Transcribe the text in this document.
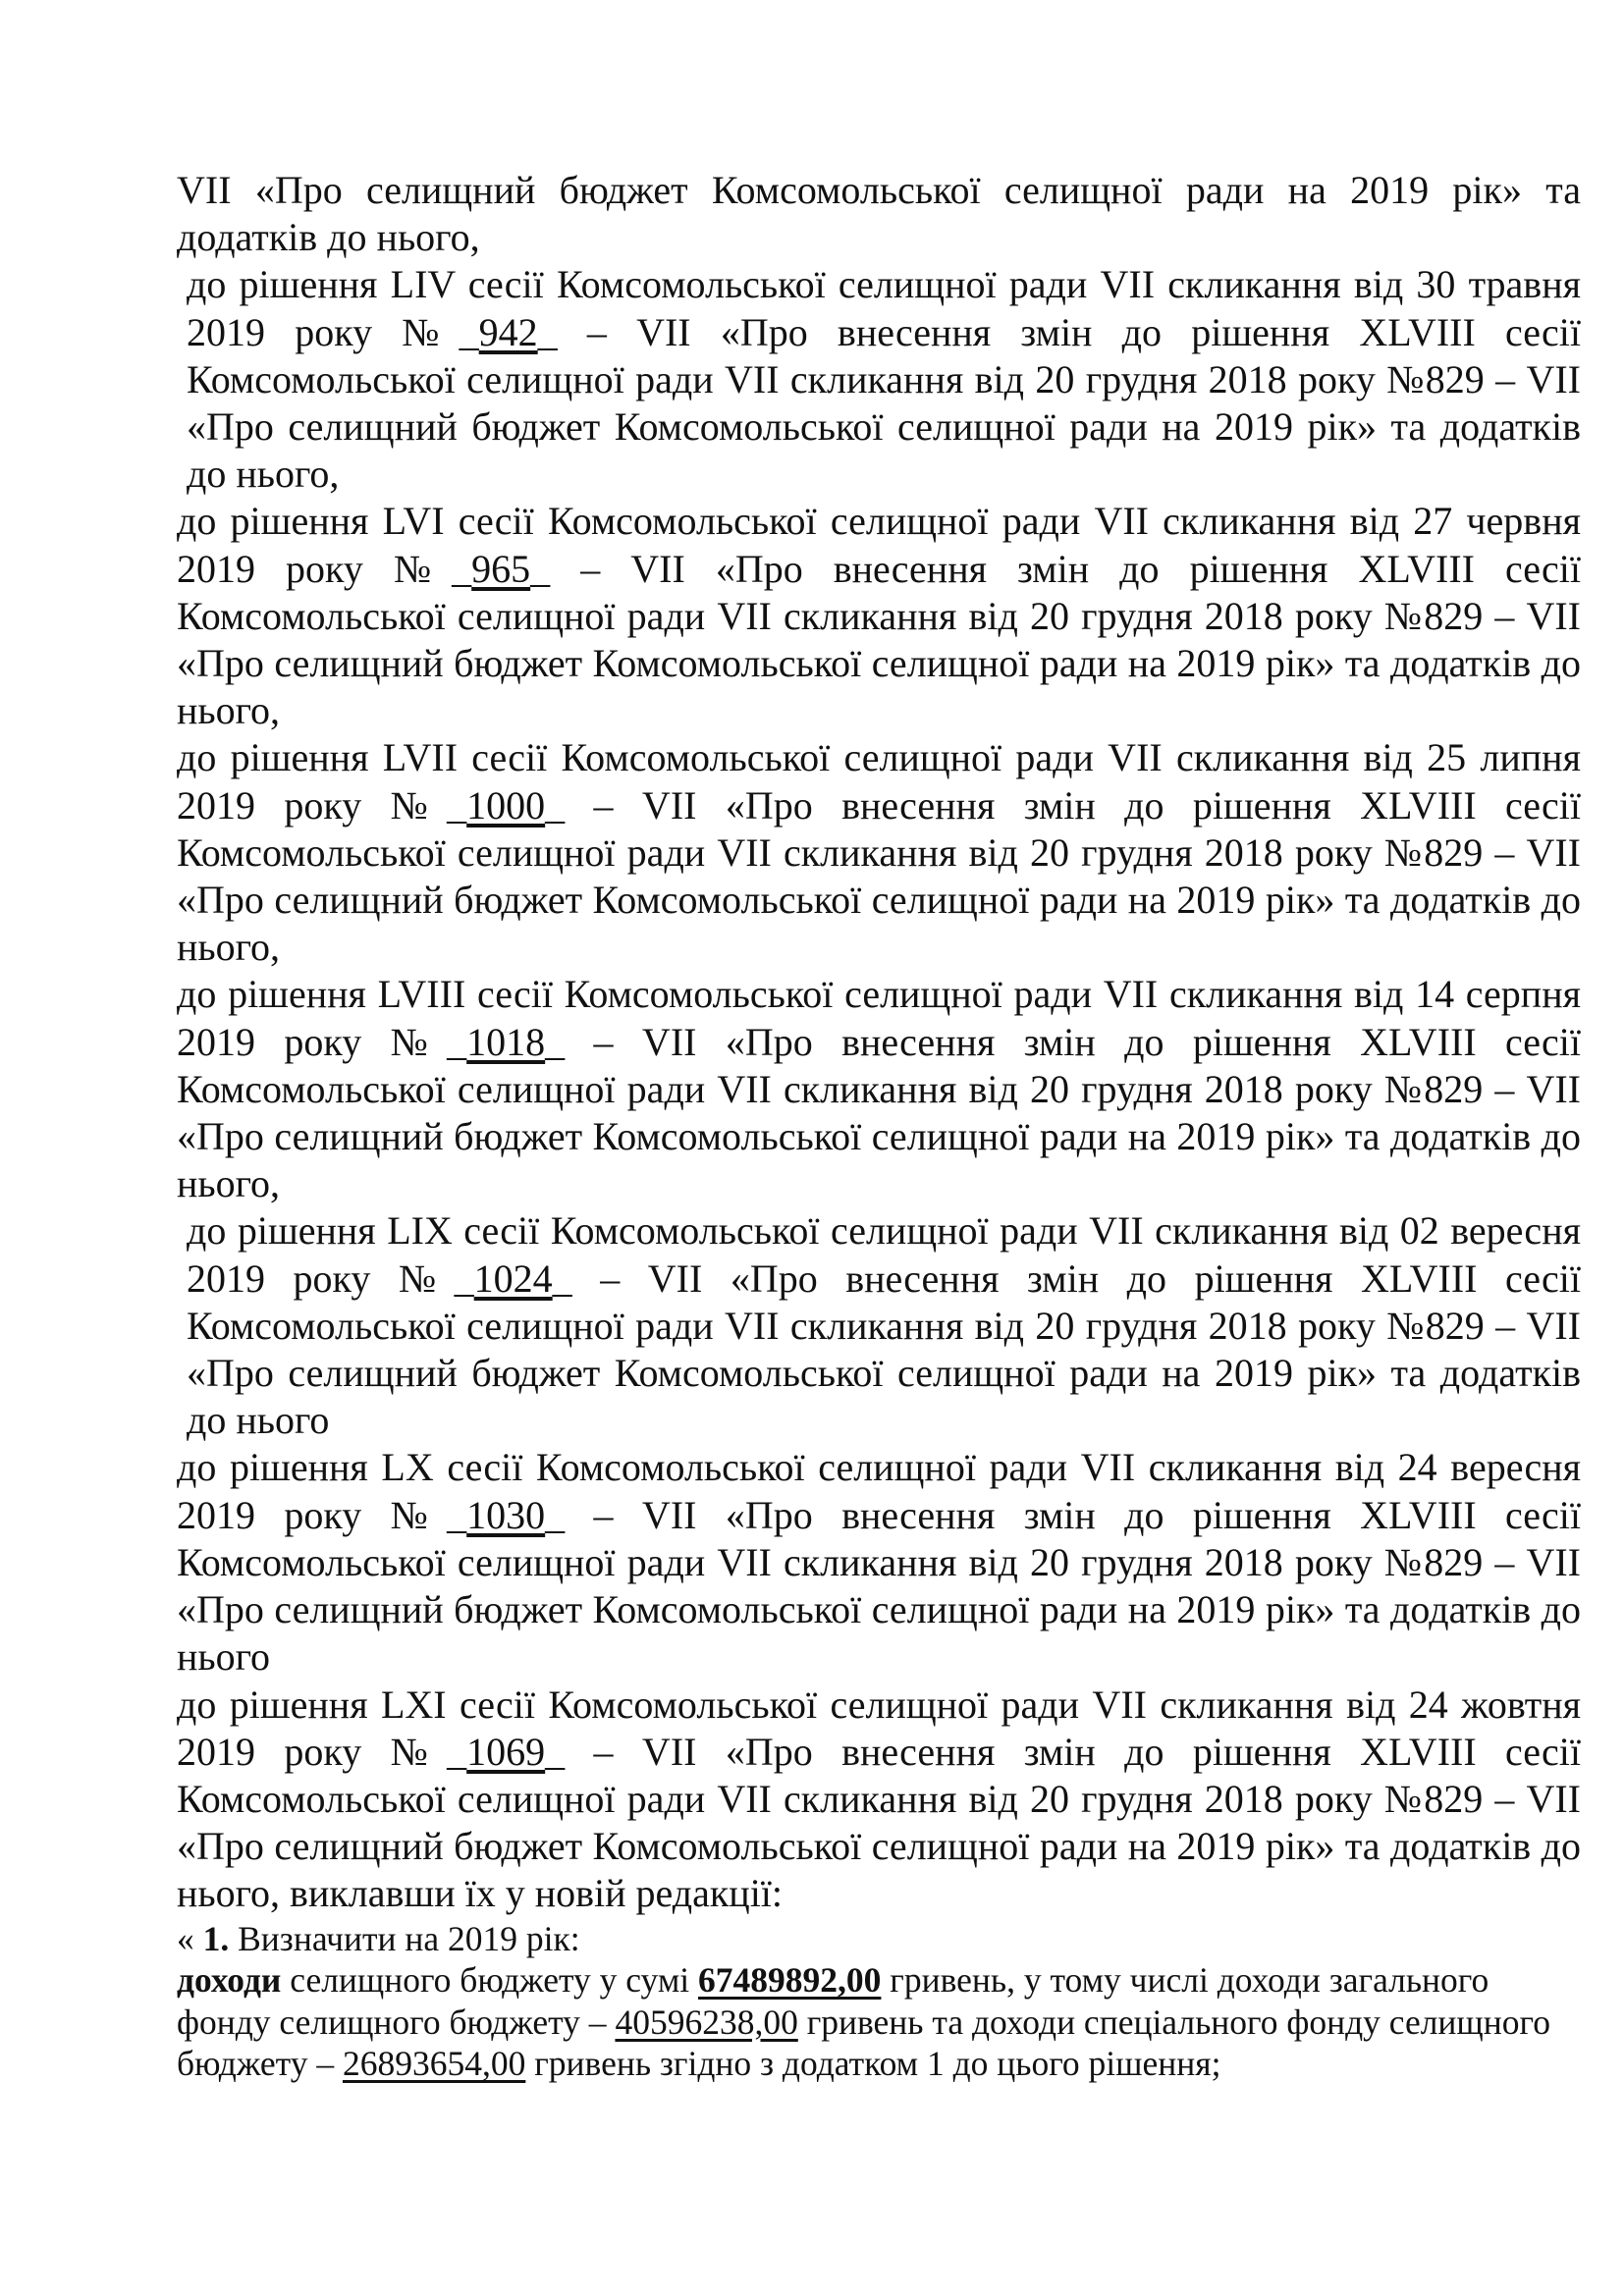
VII «Про селищний бюджет Комсомольської селищної ради на 2019 рік» та додатків до нього,
до рішення LIV сесії Комсомольської селищної ради VII скликання від 30 травня 2019 року №_942_ – VII «Про внесення змін до рішення XLVIII сесії Комсомольської селищної ради VII скликання від 20 грудня 2018 року №829 – VII «Про селищний бюджет Комсомольської селищної ради на 2019 рік» та додатків до нього,
до рішення LVI сесії Комсомольської селищної ради VII скликання від 27 червня 2019 року №_965_ – VII «Про внесення змін до рішення XLVIII сесії Комсомольської селищної ради VII скликання від 20 грудня 2018 року №829 – VII «Про селищний бюджет Комсомольської селищної ради на 2019 рік» та додатків до нього,
до рішення LVII сесії Комсомольської селищної ради VII скликання від 25 липня 2019 року №_1000_ – VII «Про внесення змін до рішення XLVIII сесії Комсомольської селищної ради VII скликання від 20 грудня 2018 року №829 – VII «Про селищний бюджет Комсомольської селищної ради на 2019 рік» та додатків до нього,
до рішення LVIII сесії Комсомольської селищної ради VII скликання від 14 серпня 2019 року №_1018_ – VII «Про внесення змін до рішення XLVIII сесії Комсомольської селищної ради VII скликання від 20 грудня 2018 року №829 – VII «Про селищний бюджет Комсомольської селищної ради на 2019 рік» та додатків до нього,
до рішення LIX сесії Комсомольської селищної ради VII скликання від 02 вересня 2019 року №_1024_ – VII «Про внесення змін до рішення XLVIII сесії Комсомольської селищної ради VII скликання від 20 грудня 2018 року №829 – VII «Про селищний бюджет Комсомольської селищної ради на 2019 рік» та додатків до нього
до рішення LX сесії Комсомольської селищної ради VII скликання від 24 вересня 2019 року №_1030_ – VII «Про внесення змін до рішення XLVIII сесії Комсомольської селищної ради VII скликання від 20 грудня 2018 року №829 – VII «Про селищний бюджет Комсомольської селищної ради на 2019 рік» та додатків до нього
до рішення LXI сесії Комсомольської селищної ради VII скликання від 24 жовтня 2019 року №_1069_ – VII «Про внесення змін до рішення XLVIII сесії Комсомольської селищної ради VII скликання від 20 грудня 2018 року №829 – VII «Про селищний бюджет Комсомольської селищної ради на 2019 рік» та додатків до нього, виклавши їх у новій редакції:
« 1. Визначити на 2019 рік:
доходи селищного бюджету у сумі 67489892,00 гривень, у тому числі доходи загального фонду селищного бюджету – 40596238,00 гривень та доходи спеціального фонду селищного бюджету – 26893654,00 гривень згідно з додатком 1 до цього рішення;
